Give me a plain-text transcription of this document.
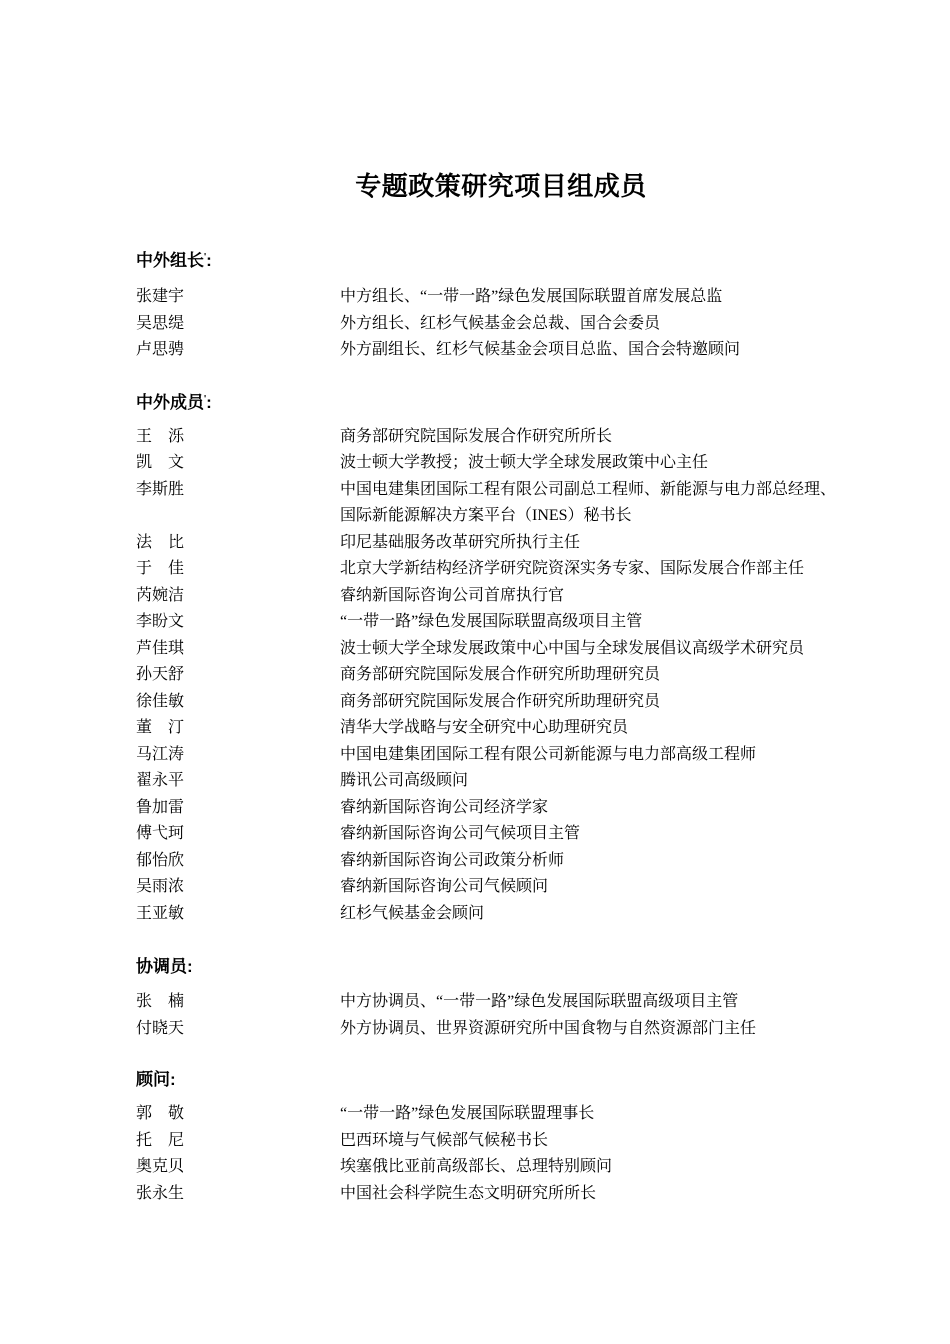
专题政策研究项目组成员
中外组长':
张建宇	中方组长、“一带一路”绿色发展国际联盟首席发展总监
吴思缇	外方组长、红杉气候基金会总裁、国合会委员
卢思骋	外方副组长、红杉气候基金会项目总监、国合会特邀顾问
中外成员':
王　泺	商务部研究院国际发展合作研究所所长
凯　文	波士顿大学教授；波士顿大学全球发展政策中心主任
李斯胜	中国电建集团国际工程有限公司副总工程师、新能源与电力部总经理、国际新能源解决方案平台（INES）秘书长
法　比	印尼基础服务改革研究所执行主任
于　佳	北京大学新结构经济学研究院资深实务专家、国际发展合作部主任
芮婉洁	睿纳新国际咨询公司首席执行官
李盼文	“一带一路”绿色发展国际联盟高级项目主管
芦佳琪	波士顿大学全球发展政策中心中国与全球发展倡议高级学术研究员
孙天舒	商务部研究院国际发展合作研究所助理研究员
徐佳敏	商务部研究院国际发展合作研究所助理研究员
董　汀	清华大学战略与安全研究中心助理研究员
马江涛	中国电建集团国际工程有限公司新能源与电力部高级工程师
翟永平	腾讯公司高级顾问
鲁加雷	睿纳新国际咨询公司经济学家
傅弋珂	睿纳新国际咨询公司气候项目主管
郁怡欣	睿纳新国际咨询公司政策分析师
吴雨浓	睿纳新国际咨询公司气候顾问
王亚敏	红杉气候基金会顾问
协调员:
张　楠	中方协调员、“一带一路”绿色发展国际联盟高级项目主管
付晓天	外方协调员、世界资源研究所中国食物与自然资源部门主任
顾问:
郭　敬	“一带一路”绿色发展国际联盟理事长
托　尼	巴西环境与气候部气候秘书长
奥克贝	埃塞俄比亚前高级部长、总理特别顾问
张永生	中国社会科学院生态文明研究所所长
